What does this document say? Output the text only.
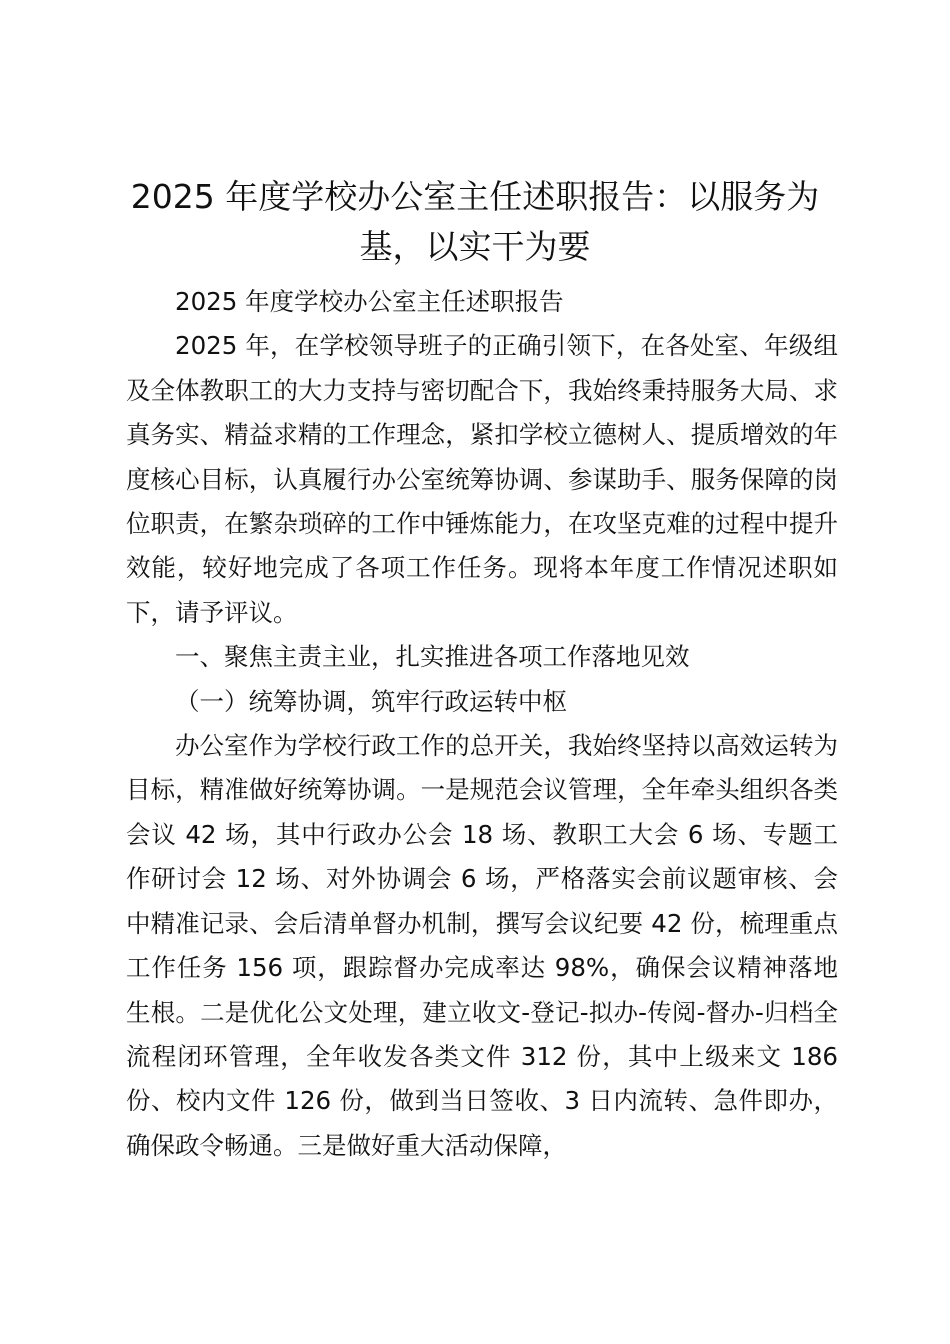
2025 年度学校办公室主任述职报告：以服务为基，以实干为要

2025 年度学校办公室主任述职报告

2025 年，在学校领导班子的正确引领下，在各处室、年级组及全体教职工的大力支持与密切配合下，我始终秉持服务大局、求真务实、精益求精的工作理念，紧扣学校立德树人、提质增效的年度核心目标，认真履行办公室统筹协调、参谋助手、服务保障的岗位职责，在繁杂琐碎的工作中锤炼能力，在攻坚克难的过程中提升效能，较好地完成了各项工作任务。现将本年度工作情况述职如下，请予评议。

一、聚焦主责主业，扎实推进各项工作落地见效

（一）统筹协调，筑牢行政运转中枢

办公室作为学校行政工作的总开关，我始终坚持以高效运转为目标，精准做好统筹协调。一是规范会议管理，全年牵头组织各类会议 42 场，其中行政办公会 18 场、教职工大会 6 场、专题工作研讨会 12 场、对外协调会 6 场，严格落实会前议题审核、会中精准记录、会后清单督办机制，撰写会议纪要 42 份，梳理重点工作任务 156 项，跟踪督办完成率达 98%，确保会议精神落地生根。二是优化公文处理，建立收文-登记-拟办-传阅-督办-归档全流程闭环管理，全年收发各类文件 312 份，其中上级来文 186 份、校内文件 126 份，做到当日签收、3 日内流转、急件即办，确保政令畅通。三是做好重大活动保障，
